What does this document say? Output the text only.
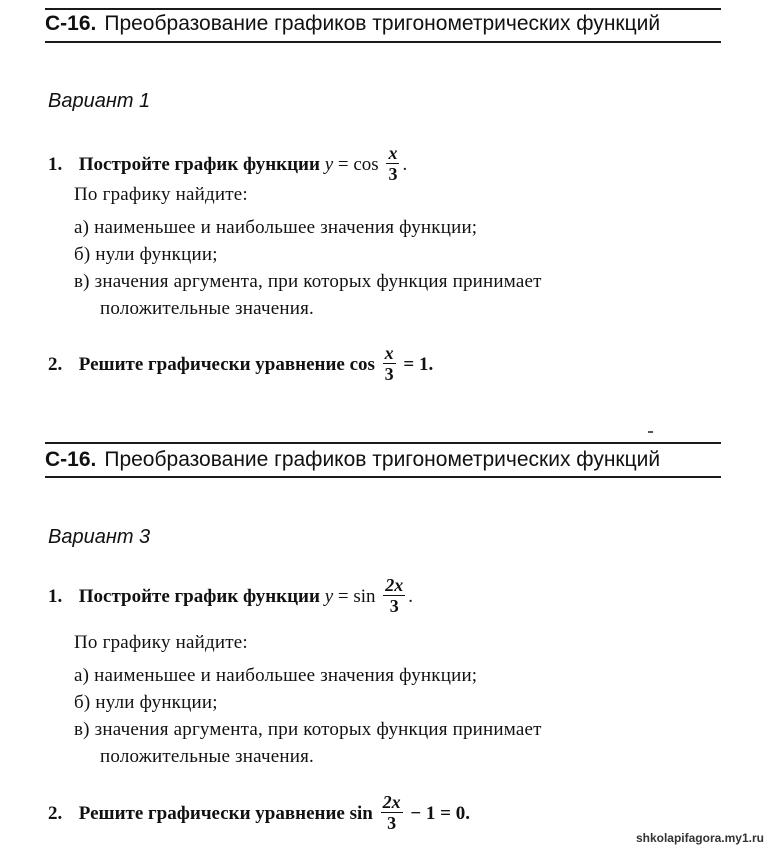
С-16. Преобразование графиков тригонометрических функций
Вариант 1
1. Постройте график функции $y = \cos \frac{x}{3}$ .
По графику найдите:
а) наименьшее и наибольшее значения функции;
б) нули функции;
в) значения аргумента, при которых функция принимает
положительные значения.
2. Решите графически уравнение $\cos \frac{x}{3} = 1$.
С-16. Преобразование графиков тригонометрических функций
Вариант 3
1. Постройте график функции $y = \sin \frac{2x}{3}$ .
По графику найдите:
а) наименьшее и наибольшее значения функции;
б) нули функции;
в) значения аргумента, при которых функция принимает
положительные значения.
2. Решите графически уравнение $\sin \frac{2x}{3} - 1 = 0$.
shkolapifagora.my1.ru
